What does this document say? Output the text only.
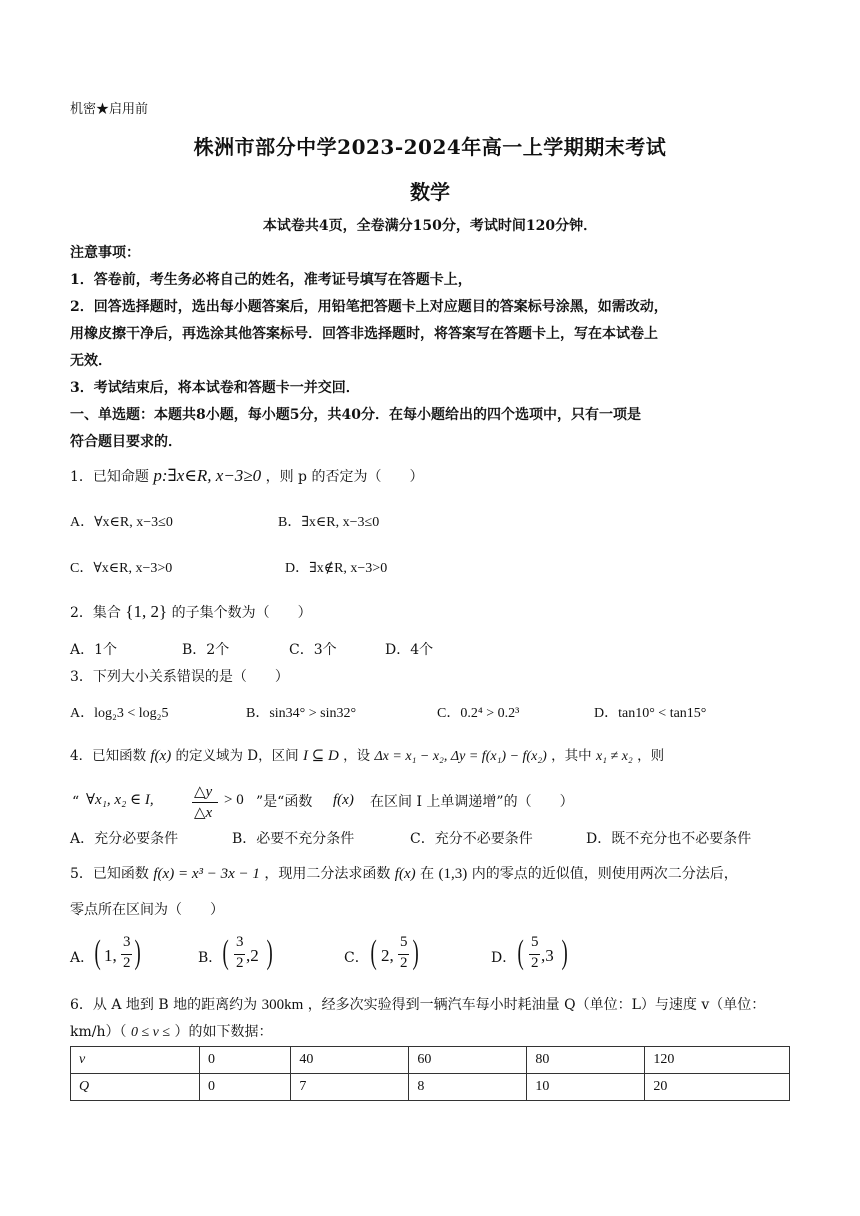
机密★启用前
株洲市部分中学2023-2024年高一上学期期末考试
数学
本试卷共4页，全卷满分150分，考试时间120分钟．
注意事项：
1．答卷前，考生务必将自己的姓名，准考证号填写在答题卡上，
2．回答选择题时，选出每小题答案后，用铅笔把答题卡上对应题目的答案标号涂黑，如需改动，
用橡皮擦干净后，再选涂其他答案标号．回答非选择题时，将答案写在答题卡上，写在本试卷上
无效．
3．考试结束后，将本试卷和答题卡一并交回．
一、单选题：本题共8小题，每小题5分，共40分．在每小题给出的四个选项中，只有一项是
符合题目要求的．
1．已知命题 p:∃x∈R, x−3≥0 ，则 p 的否定为（　　）
A．∀x∈R, x−3≤0	B．∃x∈R, x−3≤0
C．∀x∈R, x−3>0	D．∃x∉R, x−3>0
2．集合 {1, 2} 的子集个数为（　　）
A．1个	B．2个	C．3个	D．4个
3．下列大小关系错误的是（　　）
A．log₂3 < log₂5	B．sin34° > sin32°	C．0.2⁴ > 0.2³	D．tan10° < tan15°
4．已知函数 f(x) 的定义域为 D，区间 I ⊆ D ，设 Δx = x₁ − x₂, Δy = f(x₁) − f(x₂) ，其中 x₁ ≠ x₂ ，则
“ ∀x₁, x₂ ∈ I,	△y
△x
> 0 ”是“函数 f(x) 在区间 I 上单调递增”的（　　）
A．充分必要条件	B．必要不充分条件	C．充分不必要条件	D．既不充分也不必要条件
5．已知函数 f(x) = x³ − 3x − 1 ，现用二分法求函数 f(x) 在 (1,3) 内的零点的近似值，则使用两次二分法后，
零点所在区间为（　　）
A． ( 1,
3
2 )	B． ( 3
2 ,2 )	C． ( 2,
5
2 )	D． ( 5
2 ,3 )
6．从 A 地到 B 地的距离约为 300km ，经多次实验得到一辆汽车每小时耗油量 Q（单位：L）与速度 v（单位：
km/h）（ 0 ≤ v ≤ ）的如下数据：
v	0	40	60	80	120
Q	0	7	8	10	20
